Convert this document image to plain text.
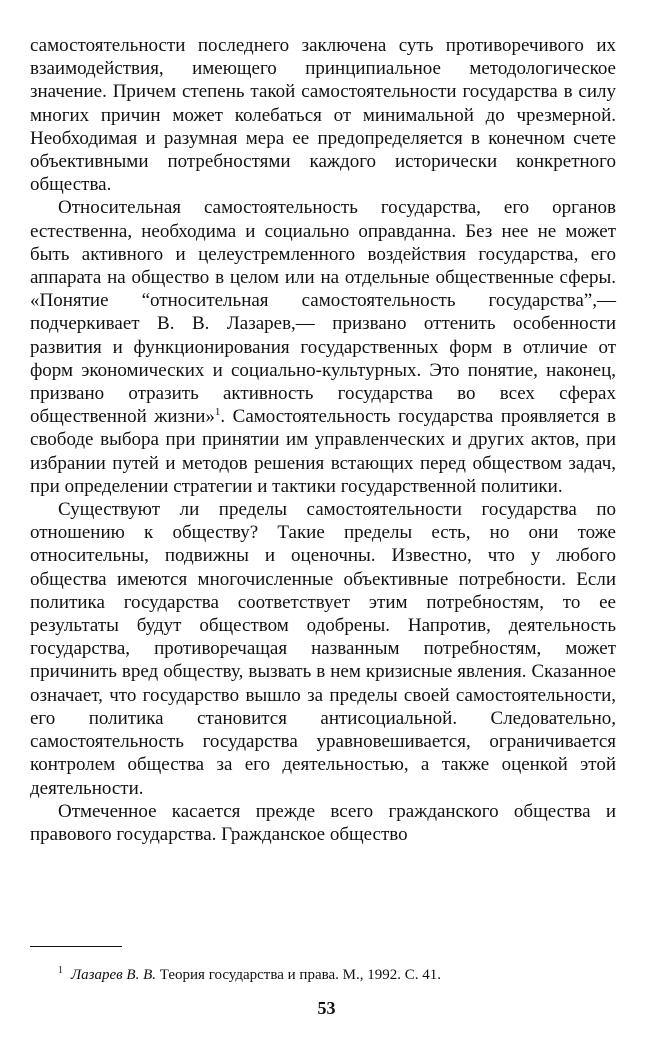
самостоятельности последнего заключена суть противоречивого их взаимодействия, имеющего принципиальное методологическое значение. Причем степень такой самостоятельности государства в силу многих причин может колебаться от минимальной до чрезмерной. Необходимая и разумная мера ее предопределяется в конечном счете объективными потребностями каждого исторически конкретного общества.

Относительная самостоятельность государства, его органов естественна, необходима и социально оправданна. Без нее не может быть активного и целеустремленного воздействия государства, его аппарата на общество в целом или на отдельные общественные сферы. «Понятие “относительная самостоятельность государства”,— подчеркивает В. В. Лазарев,— призвано оттенить особенности развития и функционирования государственных форм в отличие от форм экономических и социально-культурных. Это понятие, наконец, призвано отразить активность государства во всех сферах общественной жизни»$^1$. Самостоятельность государства проявляется в свободе выбора при принятии им управленческих и других актов, при избрании путей и методов решения встающих перед обществом задач, при определении стратегии и тактики государственной политики.

Существуют ли пределы самостоятельности государства по отношению к обществу? Такие пределы есть, но они тоже относительны, подвижны и оценочны. Известно, что у любого общества имеются многочисленные объективные потребности. Если политика государства соответствует этим потребностям, то ее результаты будут обществом одобрены. Напротив, деятельность государства, противоречащая названным потребностям, может причинить вред обществу, вызвать в нем кризисные явления. Сказанное означает, что государство вышло за пределы своей самостоятельности, его политика становится антисоциальной. Следовательно, самостоятельность государства уравновешивается, ограничивается контролем общества за его деятельностью, а также оценкой этой деятельности.

Отмеченное касается прежде всего гражданского общества и правового государства. Гражданское общество

$^1$ Лазарев В. В. Теория государства и права. М., 1992. С. 41.
53
